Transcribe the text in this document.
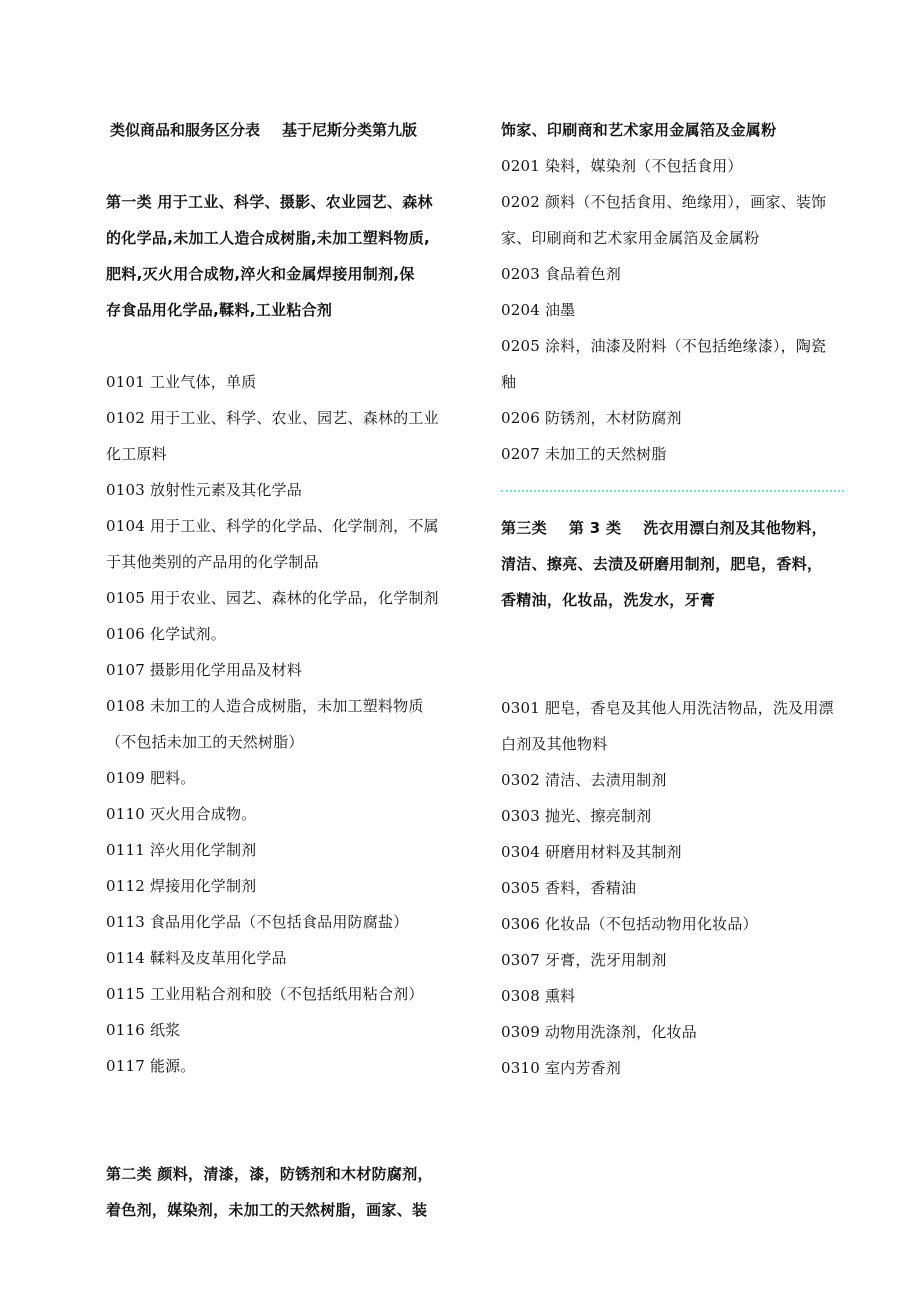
类似商品和服务区分表 基于尼斯分类第九版
第一类 用于工业、科学、摄影、农业园艺、森林
的化学品,未加工人造合成树脂,未加工塑料物质,
肥料,灭火用合成物,淬火和金属焊接用制剂,保
存食品用化学品,鞣料,工业粘合剂
0101 工业气体，单质
0102 用于工业、科学、农业、园艺、森林的工业
化工原料
0103 放射性元素及其化学品
0104 用于工业、科学的化学品、化学制剂，不属
于其他类别的产品用的化学制品
0105 用于农业、园艺、森林的化学品，化学制剂
0106 化学试剂。
0107 摄影用化学用品及材料
0108 未加工的人造合成树脂，未加工塑料物质
（不包括未加工的天然树脂）
0109 肥料。
0110 灭火用合成物。
0111 淬火用化学制剂
0112 焊接用化学制剂
0113 食品用化学品（不包括食品用防腐盐）
0114 鞣料及皮革用化学品
0115 工业用粘合剂和胶（不包括纸用粘合剂）
0116 纸浆
0117 能源。
第二类 颜料，清漆，漆，防锈剂和木材防腐剂，
着色剂，媒染剂，未加工的天然树脂，画家、装
饰家、印刷商和艺术家用金属箔及金属粉
0201 染料，媒染剂（不包括食用）
0202 颜料（不包括食用、绝缘用），画家、装饰
家、印刷商和艺术家用金属箔及金属粉
0203 食品着色剂
0204 油墨
0205 涂料，油漆及附料（不包括绝缘漆），陶瓷
釉
0206 防锈剂，木材防腐剂
0207 未加工的天然树脂
第三类 第 3 类 洗衣用漂白剂及其他物料，
清洁、擦亮、去渍及研磨用制剂，肥皂，香料，
香精油，化妆品，洗发水，牙膏
0301 肥皂，香皂及其他人用洗洁物品，洗及用漂
白剂及其他物料
0302 清洁、去渍用制剂
0303 抛光、擦亮制剂
0304 研磨用材料及其制剂
0305 香料，香精油
0306 化妆品（不包括动物用化妆品）
0307 牙膏，洗牙用制剂
0308 熏料
0309 动物用洗涤剂，化妆品
0310 室内芳香剂
